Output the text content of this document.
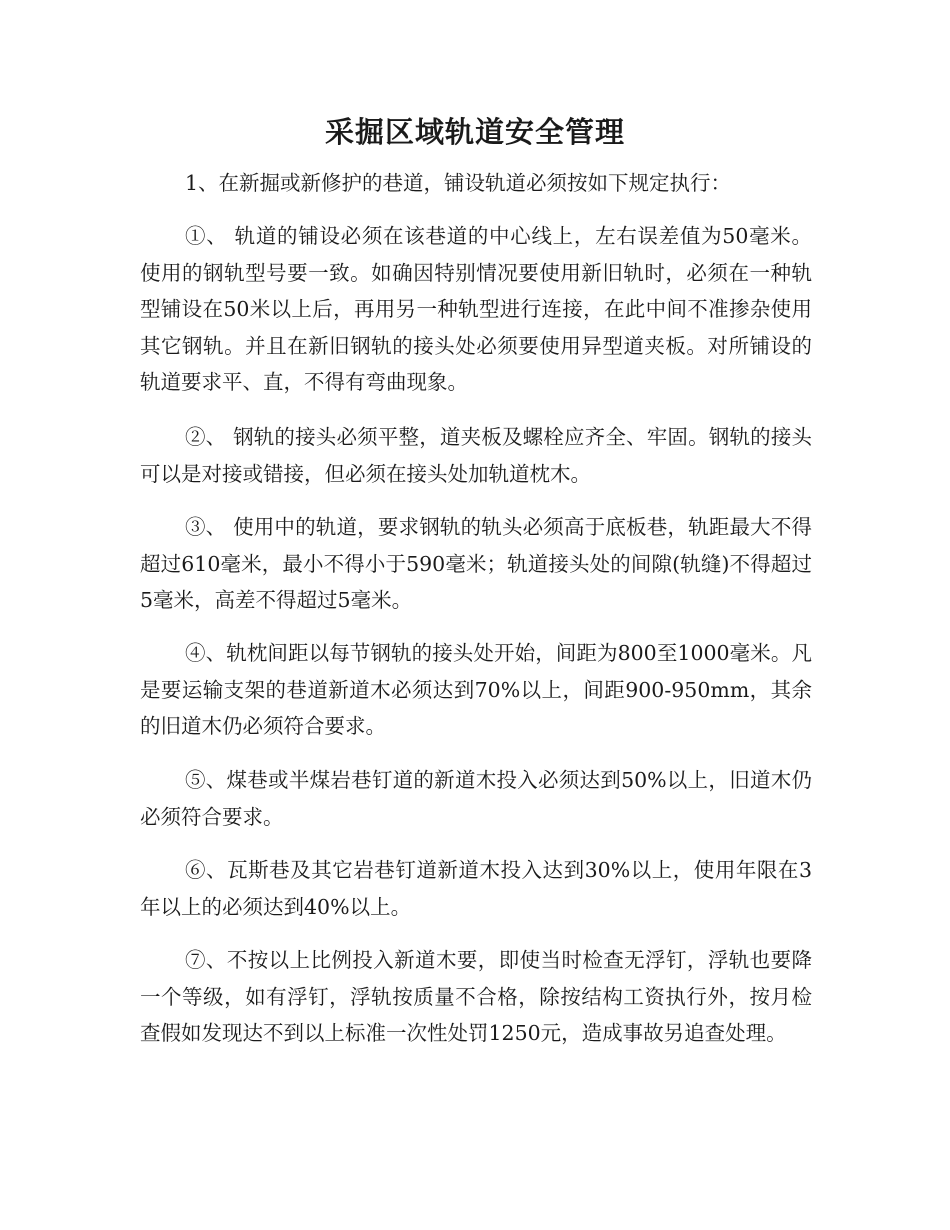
采掘区域轨道安全管理

1、在新掘或新修护的巷道，铺设轨道必须按如下规定执行：

①、 轨道的铺设必须在该巷道的中心线上，左右误差值为50毫米。使用的钢轨型号要一致。如确因特别情况要使用新旧轨时，必须在一种轨型铺设在50米以上后，再用另一种轨型进行连接，在此中间不准掺杂使用其它钢轨。并且在新旧钢轨的接头处必须要使用异型道夹板。对所铺设的轨道要求平、直，不得有弯曲现象。

②、 钢轨的接头必须平整，道夹板及螺栓应齐全、牢固。钢轨的接头可以是对接或错接，但必须在接头处加轨道枕木。

③、 使用中的轨道，要求钢轨的轨头必须高于底板巷，轨距最大不得超过610毫米，最小不得小于590毫米；轨道接头处的间隙(轨缝)不得超过5毫米，高差不得超过5毫米。

④、轨枕间距以每节钢轨的接头处开始，间距为800至1000毫米。凡是要运输支架的巷道新道木必须达到70%以上，间距900-950mm，其余的旧道木仍必须符合要求。

⑤、煤巷或半煤岩巷钉道的新道木投入必须达到50%以上，旧道木仍必须符合要求。

⑥、瓦斯巷及其它岩巷钉道新道木投入达到30%以上，使用年限在3年以上的必须达到40%以上。

⑦、不按以上比例投入新道木要，即使当时检查无浮钉，浮轨也要降一个等级，如有浮钉，浮轨按质量不合格，除按结构工资执行外，按月检查假如发现达不到以上标准一次性处罚1250元，造成事故另追查处理。
